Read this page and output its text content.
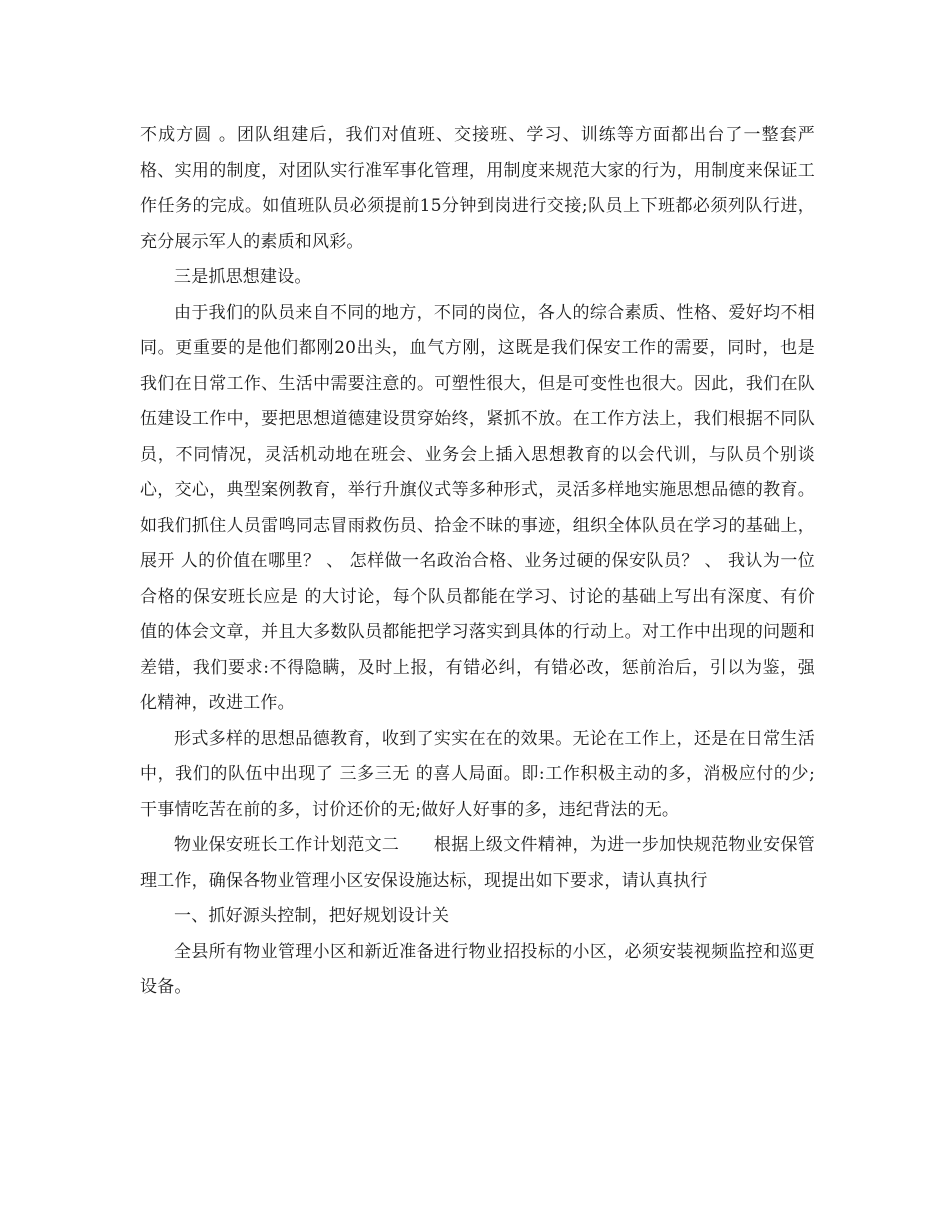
不成方圆 。团队组建后，我们对值班、交接班、学习、训练等方面都出台了一整套严格、实用的制度，对团队实行准军事化管理，用制度来规范大家的行为，用制度来保证工作任务的完成。如值班队员必须提前15分钟到岗进行交接;队员上下班都必须列队行进，充分展示军人的素质和风彩。

三是抓思想建设。

由于我们的队员来自不同的地方，不同的岗位，各人的综合素质、性格、爱好均不相同。更重要的是他们都刚20出头，血气方刚，这既是我们保安工作的需要，同时，也是我们在日常工作、生活中需要注意的。可塑性很大，但是可变性也很大。因此，我们在队伍建设工作中，要把思想道德建设贯穿始终，紧抓不放。在工作方法上，我们根据不同队员，不同情况，灵活机动地在班会、业务会上插入思想教育的以会代训，与队员个别谈心，交心，典型案例教育，举行升旗仪式等多种形式，灵活多样地实施思想品德的教育。如我们抓住人员雷鸣同志冒雨救伤员、拾金不昧的事迹，组织全体队员在学习的基础上，展开 人的价值在哪里？ 、 怎样做一名政治合格、业务过硬的保安队员？ 、 我认为一位合格的保安班长应是 的大讨论，每个队员都能在学习、讨论的基础上写出有深度、有价值的体会文章，并且大多数队员都能把学习落实到具体的行动上。对工作中出现的问题和差错，我们要求:不得隐瞒，及时上报，有错必纠，有错必改，惩前治后，引以为鉴，强化精神，改进工作。

形式多样的思想品德教育，收到了实实在在的效果。无论在工作上，还是在日常生活中，我们的队伍中出现了 三多三无 的喜人局面。即:工作积极主动的多，消极应付的少;干事情吃苦在前的多，讨价还价的无;做好人好事的多，违纪背法的无。

物业保安班长工作计划范文二　　根据上级文件精神，为进一步加快规范物业安保管理工作，确保各物业管理小区安保设施达标，现提出如下要求，请认真执行

一、抓好源头控制，把好规划设计关

全县所有物业管理小区和新近准备进行物业招投标的小区，必须安装视频监控和巡更设备。
